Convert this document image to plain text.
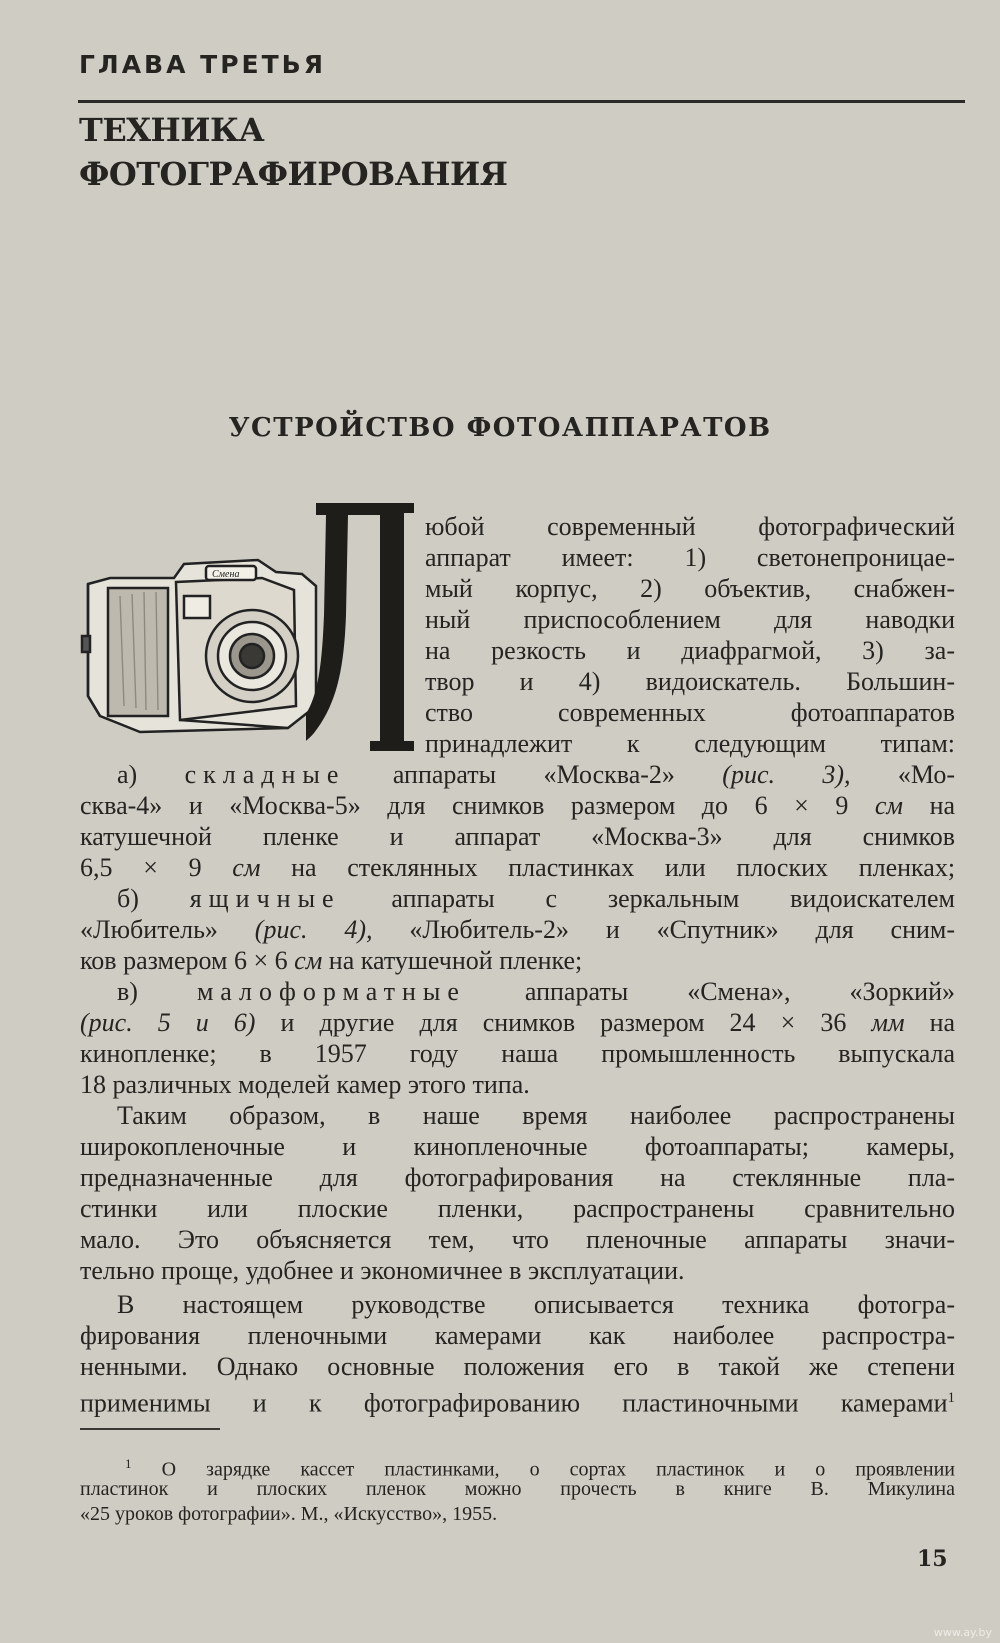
ГЛАВА ТРЕТЬЯ
ТЕХНИКА
ФОТОГРАФИРОВАНИЯ
УСТРОЙСТВО ФОТОАППАРАТОВ
Смена
юбой современный фотографический
аппарат имеет: 1) светонепроницае-
мый корпус, 2) объектив, снабжен-
ный приспособлением для наводки
на резкость и диафрагмой, 3) за-
твор и 4) видоискатель. Большин-
ство современных фотоаппаратов
принадлежит к следующим типам:
а) складные аппараты «Москва-2» (рис. 3), «Мо-
сква-4» и «Москва-5» для снимков размером до 6 × 9 см на
катушечной пленке и аппарат «Москва-3» для снимков
6,5 × 9 см на стеклянных пластинках или плоских пленках;
б) ящичные аппараты с зеркальным видоискателем
«Любитель» (рис. 4), «Любитель-2» и «Спутник» для сним-
ков размером 6 × 6 см на катушечной пленке;
в) малоформатные аппараты «Смена», «Зоркий»
(рис. 5 и 6) и другие для снимков размером 24 × 36 мм на
кинопленке; в 1957 году наша промышленность выпускала
18 различных моделей камер этого типа.
Таким образом, в наше время наиболее распространены
широкопленочные и кинопленочные фотоаппараты; камеры,
предназначенные для фотографирования на стеклянные пла-
стинки или плоские пленки, распространены сравнительно
мало. Это объясняется тем, что пленочные аппараты значи-
тельно проще, удобнее и экономичнее в эксплуатации.
В настоящем руководстве описывается техника фотогра-
фирования пленочными камерами как наиболее распростра-
ненными. Однако основные положения его в такой же степени
применимы и к фотографированию пластиночными камерами$^1$
$^1$ О зарядке кассет пластинками, о сортах пластинок и о проявлении
пластинок и плоских пленок можно прочесть в книге В. Микулина
«25 уроков фотографии». М., «Искусство», 1955.
15
www.ay.by
